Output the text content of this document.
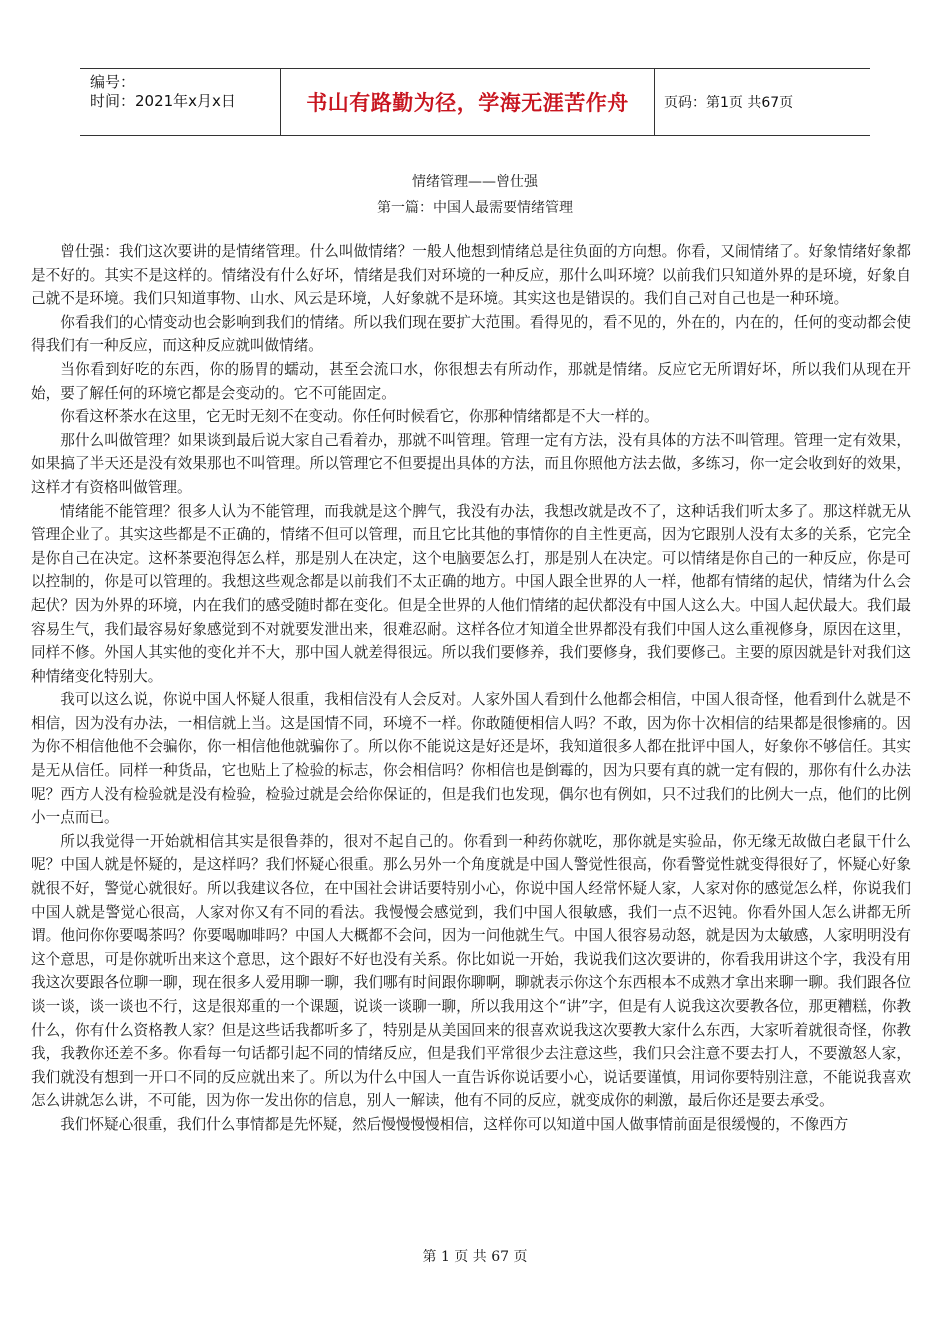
编号：
时间：2021年x月x日	书山有路勤为径，学海无涯苦作舟	页码：第1页 共67页
情绪管理——曾仕强
第一篇：中国人最需要情绪管理

曾仕强：我们这次要讲的是情绪管理。什么叫做情绪？一般人他想到情绪总是往负面的方向想。你看，又闹情绪了。好象情绪好象都是不好的。其实不是这样的。情绪没有什么好坏，情绪是我们对环境的一种反应，那什么叫环境？以前我们只知道外界的是环境，好象自己就不是环境。我们只知道事物、山水、风云是环境，人好象就不是环境。其实这也是错误的。我们自己对自己也是一种环境。

你看我们的心情变动也会影响到我们的情绪。所以我们现在要扩大范围。看得见的，看不见的，外在的，内在的，任何的变动都会使得我们有一种反应，而这种反应就叫做情绪。

当你看到好吃的东西，你的肠胃的蠕动，甚至会流口水，你很想去有所动作，那就是情绪。反应它无所谓好坏，所以我们从现在开始，要了解任何的环境它都是会变动的。它不可能固定。

你看这杯茶水在这里，它无时无刻不在变动。你任何时候看它，你那种情绪都是不大一样的。

那什么叫做管理？如果谈到最后说大家自己看着办，那就不叫管理。管理一定有方法，没有具体的方法不叫管理。管理一定有效果，如果搞了半天还是没有效果那也不叫管理。所以管理它不但要提出具体的方法，而且你照他方法去做，多练习，你一定会收到好的效果，这样才有资格叫做管理。

情绪能不能管理？很多人认为不能管理，而我就是这个脾气，我没有办法，我想改就是改不了，这种话我们听太多了。那这样就无从管理企业了。其实这些都是不正确的，情绪不但可以管理，而且它比其他的事情你的自主性更高，因为它跟别人没有太多的关系，它完全是你自己在决定。这杯茶要泡得怎么样，那是别人在决定，这个电脑要怎么打，那是别人在决定。可以情绪是你自己的一种反应，你是可以控制的，你是可以管理的。我想这些观念都是以前我们不太正确的地方。中国人跟全世界的人一样，他都有情绪的起伏，情绪为什么会起伏？因为外界的环境，内在我们的感受随时都在变化。但是全世界的人他们情绪的起伏都没有中国人这么大。中国人起伏最大。我们最容易生气，我们最容易好象感觉到不对就要发泄出来，很难忍耐。这样各位才知道全世界都没有我们中国人这么重视修身，原因在这里，同样不修。外国人其实他的变化并不大，那中国人就差得很远。所以我们要修养，我们要修身，我们要修己。主要的原因就是针对我们这种情绪变化特别大。

我可以这么说，你说中国人怀疑人很重，我相信没有人会反对。人家外国人看到什么他都会相信，中国人很奇怪，他看到什么就是不相信，因为没有办法，一相信就上当。这是国情不同，环境不一样。你敢随便相信人吗？不敢，因为你十次相信的结果都是很惨痛的。因为你不相信他他不会骗你，你一相信他他就骗你了。所以你不能说这是好还是坏，我知道很多人都在批评中国人，好象你不够信任。其实是无从信任。同样一种货品，它也贴上了检验的标志，你会相信吗？你相信也是倒霉的，因为只要有真的就一定有假的，那你有什么办法呢？西方人没有检验就是没有检验，检验过就是会给你保证的，但是我们也发现，偶尔也有例如，只不过我们的比例大一点，他们的比例小一点而已。

所以我觉得一开始就相信其实是很鲁莽的，很对不起自己的。你看到一种药你就吃，那你就是实验品，你无缘无故做白老鼠干什么呢？中国人就是怀疑的，是这样吗？我们怀疑心很重。那么另外一个角度就是中国人警觉性很高，你看警觉性就变得很好了，怀疑心好象就很不好，警觉心就很好。所以我建议各位，在中国社会讲话要特别小心，你说中国人经常怀疑人家，人家对你的感觉怎么样，你说我们中国人就是警觉心很高，人家对你又有不同的看法。我慢慢会感觉到，我们中国人很敏感，我们一点不迟钝。你看外国人怎么讲都无所谓。他问你你要喝茶吗？你要喝咖啡吗？中国人大概都不会问，因为一问他就生气。中国人很容易动怒，就是因为太敏感，人家明明没有这个意思，可是你就听出来这个意思，这个跟好不好也没有关系。你比如说一开始，我说我们这次要讲的，你看我用讲这个字，我没有用我这次要跟各位聊一聊，现在很多人爱用聊一聊，我们哪有时间跟你聊啊，聊就表示你这个东西根本不成熟才拿出来聊一聊。我们跟各位谈一谈，谈一谈也不行，这是很郑重的一个课题，说谈一谈聊一聊，所以我用这个“讲”字，但是有人说我这次要教各位，那更糟糕，你教什么，你有什么资格教人家？但是这些话我都听多了，特别是从美国回来的很喜欢说我这次要教大家什么东西，大家听着就很奇怪，你教我，我教你还差不多。你看每一句话都引起不同的情绪反应，但是我们平常很少去注意这些，我们只会注意不要去打人，不要激怒人家，我们就没有想到一开口不同的反应就出来了。所以为什么中国人一直告诉你说话要小心，说话要谨慎，用词你要特别注意，不能说我喜欢怎么讲就怎么讲，不可能，因为你一发出你的信息，别人一解读，他有不同的反应，就变成你的刺激，最后你还是要去承受。

我们怀疑心很重，我们什么事情都是先怀疑，然后慢慢慢慢相信，这样你可以知道中国人做事情前面是很缓慢的，不像西方

第 1 页 共 67 页
